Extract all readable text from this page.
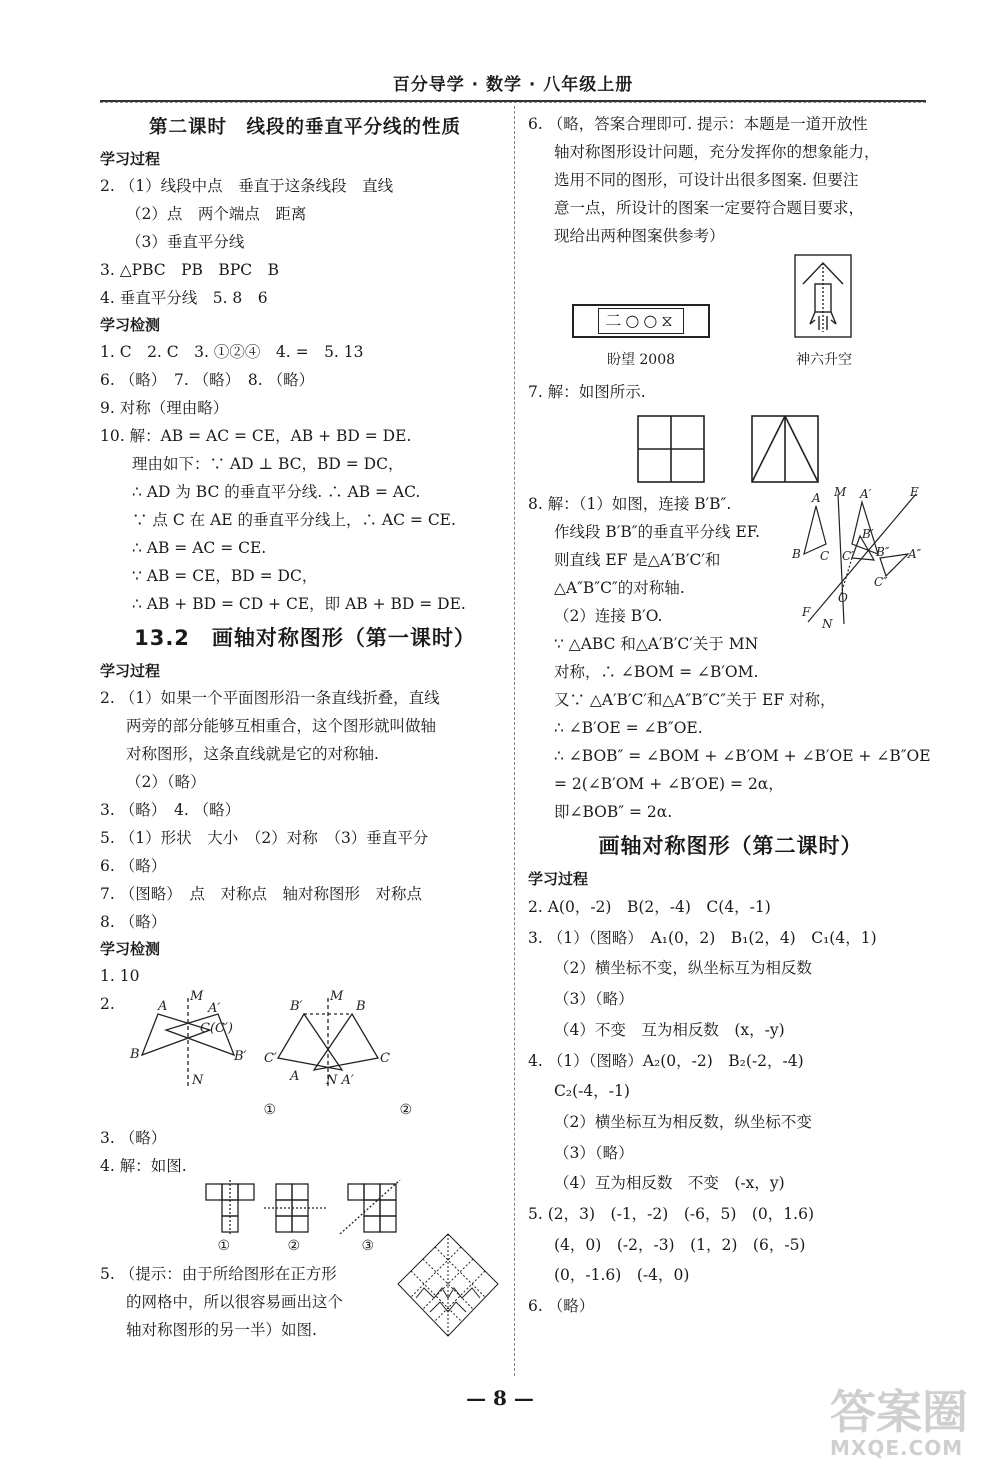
百分导学 · 数学 · 八年级上册
第二课时　线段的垂直平分线的性质
学习过程
2. （1）线段中点　垂直于这条线段　直线
（2）点　两个端点　距离
（3）垂直平分线
3. △PBC　PB　BPC　B
4. 垂直平分线　5. 8　6
学习检测
1. C　2. C　3. ①②④　4. =　5. 13
6. （略）　7. （略）　8. （略）
9. 对称（理由略）
10. 解：AB = AC = CE，AB + BD = DE.
理由如下：∵ AD ⊥ BC，BD = DC，
∴ AD 为 BC 的垂直平分线. ∴ AB = AC.
∵ 点 C 在 AE 的垂直平分线上，∴ AC = CE.
∴ AB = AC = CE.
∵ AB = CE，BD = DC，
∴ AB + BD = CD + CE，即 AB + BD = DE.
13.2　画轴对称图形（第一课时）
学习过程
2. （1）如果一个平面图形沿一条直线折叠，直线
两旁的部分能够互相重合，这个图形就叫做轴
对称图形，这条直线就是它的对称轴.
（2）（略）
3. （略）　4. （略）
5. （1）形状　大小　（2）对称　（3）垂直平分
6. （略）
7. （图略）　点　对称点　轴对称图形　对称点
8. （略）
学习检测
1. 10
2.	A
M
A′
C(C′)
B	B′
N
B′
M
B
C′	C
A N A′
①	②
3. （略）
4. 解：如图.
①	②	③
5. （提示：由于所给图形在正方形
的网格中，所以很容易画出这个
轴对称图形的另一半）如图.
6. （略，答案合理即可. 提示：本题是一道开放性
轴对称图形设计问题，充分发挥你的想象能力，
选用不同的图形，可设计出很多图案. 但要注
意一点，所设计的图案一定要符合题目要求，
现给出两种图案供参考）
二○○⧖
盼望 2008	神六升空
7. 解：如图所示.
8. 解：（1）如图，连接 B′B″.
作线段 B′B″的垂直平分线 EF.
则直线 EF 是△A′B′C′和
△A″B″C″的对称轴.
（2）连接 B′O.
∵ △ABC 和△A′B′C′关于 MN
对称，∴ ∠BOM = ∠B′OM.
又∵ △A′B′C′和△A″B″C″关于 EF 对称，
∴ ∠B′OE = ∠B″OE.
∴ ∠BOB″ = ∠BOM + ∠B′OM + ∠B′OE + ∠B″OE
= 2(∠B′OM + ∠B′OE) = 2α，
即∠BOB″ = 2α.
M
A	A′	E
B′
B C C′ B″ A″
C″
O
F
N
画轴对称图形（第二课时）
学习过程
2. A(0，-2)　B(2，-4)　C(4，-1)
3. （1）（图略）　A₁(0，2)　B₁(2，4)　C₁(4，1)
（2）横坐标不变，纵坐标互为相反数
（3）（略）
（4）不变　互为相反数　(x，-y)
4. （1）（图略）A₂(0，-2)　B₂(-2，-4)
C₂(-4，-1)
（2）横坐标互为相反数，纵坐标不变
（3）（略）
（4）互为相反数　不变　(-x，y)
5. (2，3)　(-1，-2)　(-6，5)　(0，1.6)
(4，0)　(-2，-3)　(1，2)　(6，-5)
(0，-1.6)　(-4，0)
6. （略）
— 8 —	答案圈
MXQE.COM
